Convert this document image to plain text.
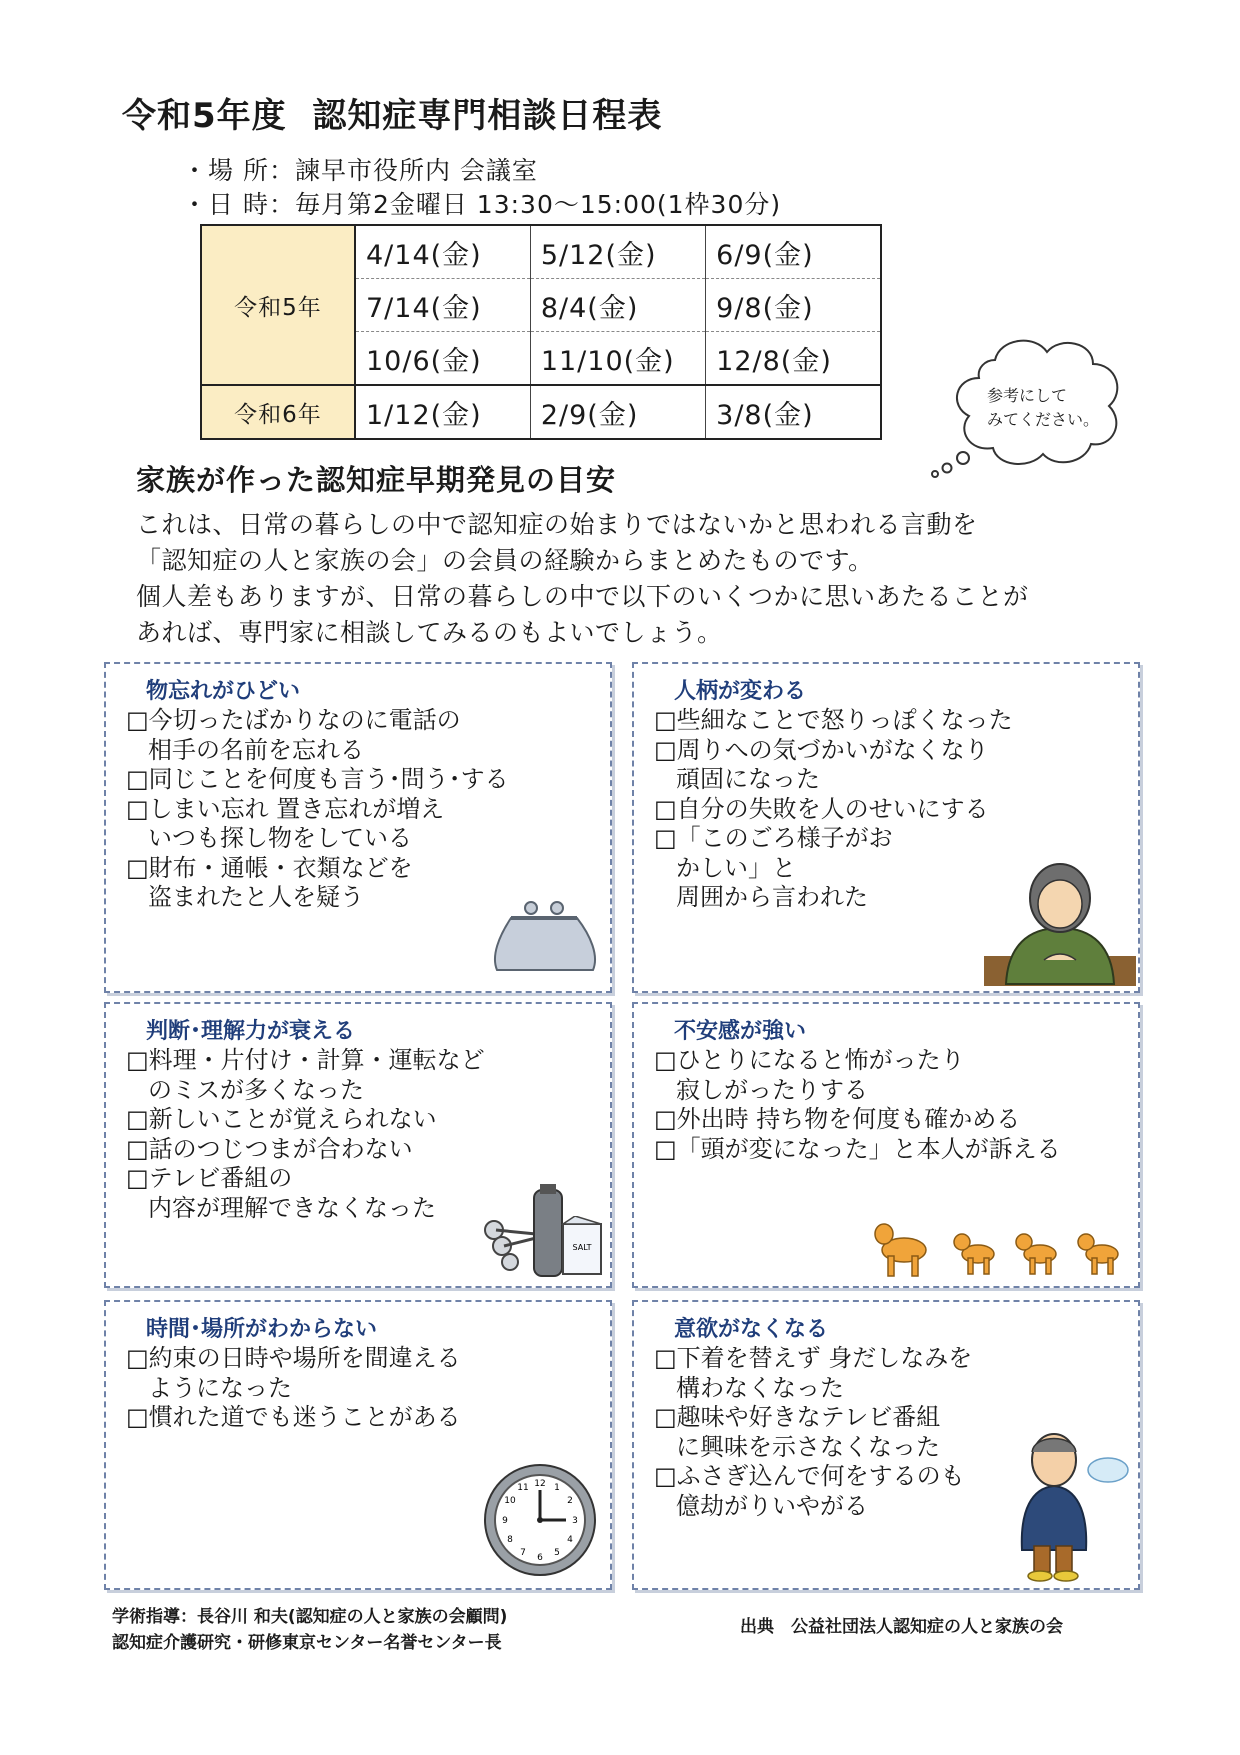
令和5年度  認知症専門相談日程表
・場 所：諫早市役所内 会議室
・日 時：毎月第2金曜日 13:30～15:00(1枠30分)
令和5年	4/14(金)	5/12(金)	6/9(金)
	7/14(金)	8/4(金)	9/8(金)
	10/6(金)	11/10(金)	12/8(金)
令和6年	1/12(金)	2/9(金)	3/8(金)
参考にして
みてください。
家族が作った認知症早期発見の目安
これは、日常の暮らしの中で認知症の始まりではないかと思われる言動を
「認知症の人と家族の会」の会員の経験からまとめたものです。
個人差もありますが、日常の暮らしの中で以下のいくつかに思いあたることが
あれば、専門家に相談してみるのもよいでしょう。
物忘れがひどい
□今切ったばかりなのに電話の
相手の名前を忘れる
□同じことを何度も言う･問う･する
□しまい忘れ 置き忘れが増え
いつも探し物をしている
□財布・通帳・衣類などを
盗まれたと人を疑う
人柄が変わる
□些細なことで怒りっぽくなった
□周りへの気づかいがなくなり
頑固になった
□自分の失敗を人のせいにする
□「このごろ様子がお
かしい」と
周囲から言われた
判断･理解力が衰える
□料理・片付け・計算・運転など
のミスが多くなった
□新しいことが覚えられない
□話のつじつまが合わない
□テレビ番組の
内容が理解できなくなった
SALT
不安感が強い
□ひとりになると怖がったり
寂しがったりする
□外出時 持ち物を何度も確かめる
□「頭が変になった」と本人が訴える
時間･場所がわからない
□約束の日時や場所を間違える
ようになった
□慣れた道でも迷うことがある
12 1
2
3
4
5
6
7
8
9
10
11
意欲がなくなる
□下着を替えず 身だしなみを
構わなくなった
□趣味や好きなテレビ番組
に興味を示さなくなった
□ふさぎ込んで何をするのも
億劫がりいやがる
学術指導：長谷川 和夫(認知症の人と家族の会顧問)
認知症介護研究・研修東京センター名誉センター長
出典　公益社団法人認知症の人と家族の会
